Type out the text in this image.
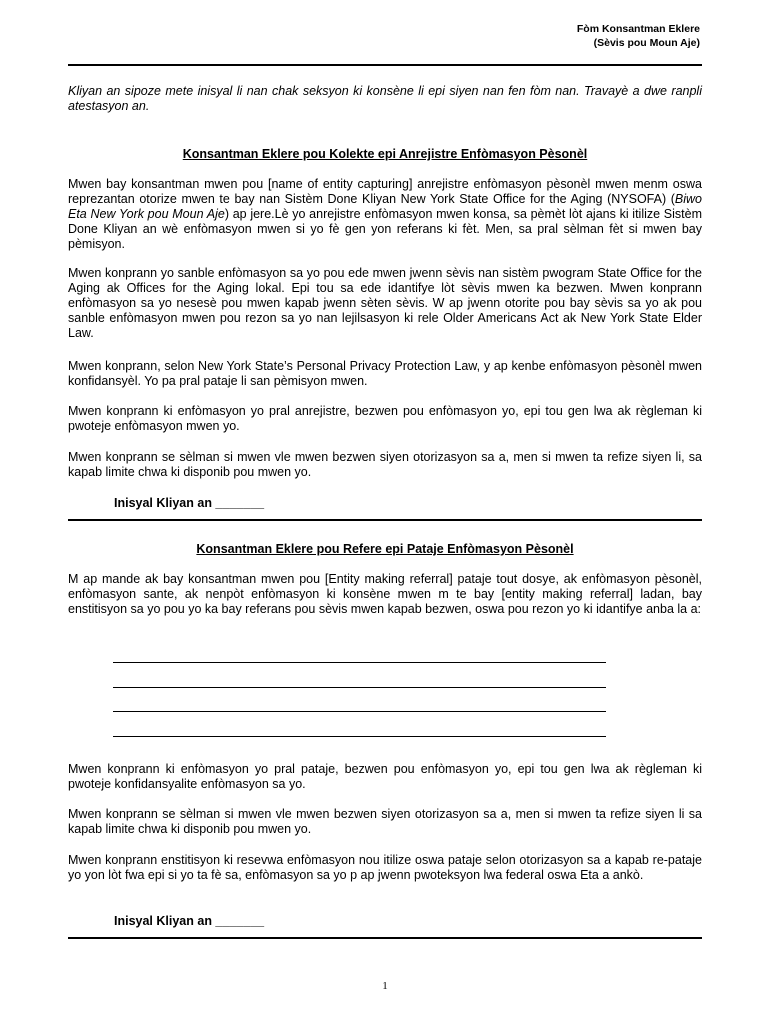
Fòm Konsantman Eklere
(Sèvis pou Moun Aje)
Kliyan an sipoze mete inisyal li nan chak seksyon ki konsène li epi siyen nan fen fòm nan. Travayè a dwe ranpli atestasyon an.
Konsantman Eklere pou Kolekte epi Anrejistre Enfòmasyon Pèsonèl
Mwen bay konsantman mwen pou [name of entity capturing] anrejistre enfòmasyon pèsonèl mwen menm oswa reprezantan otorize mwen te bay nan Sistèm Done Kliyan New York State Office for the Aging (NYSOFA) (Biwo Eta New York pou Moun Aje) ap jere.Lè yo anrejistre enfòmasyon mwen konsa, sa pèmèt lòt ajans ki itilize Sistèm Done Kliyan an wè enfòmasyon mwen si yo fè gen yon referans ki fèt. Men, sa pral sèlman fèt si mwen bay pèmisyon.
Mwen konprann yo sanble enfòmasyon sa yo pou ede mwen jwenn sèvis nan sistèm pwogram State Office for the Aging ak Offices for the Aging lokal. Epi tou sa ede idantifye lòt sèvis mwen ka bezwen. Mwen konprann enfòmasyon sa yo nesesè pou mwen kapab jwenn sèten sèvis. W ap jwenn otorite pou bay sèvis sa yo ak pou sanble enfòmasyon mwen pou rezon sa yo nan lejilsasyon ki rele Older Americans Act ak New York State Elder Law.
Mwen konprann, selon New York State’s Personal Privacy Protection Law, y ap kenbe enfòmasyon pèsonèl mwen konfidansyèl. Yo pa pral pataje li san pèmisyon mwen.
Mwen konprann ki enfòmasyon yo pral anrejistre, bezwen pou enfòmasyon yo, epi tou gen lwa ak règleman ki pwoteje enfòmasyon mwen yo.
Mwen konprann se sèlman si mwen vle mwen bezwen siyen otorizasyon sa a, men si mwen ta refize siyen li, sa kapab limite chwa ki disponib pou mwen yo.
Inisyal Kliyan an _______
Konsantman Eklere pou Refere epi Pataje Enfòmasyon Pèsonèl
M ap mande ak bay konsantman mwen pou [Entity making referral] pataje tout dosye, ak enfòmasyon pèsonèl, enfòmasyon sante, ak nenpòt enfòmasyon ki konsène mwen m te bay [entity making referral] ladan, bay enstitisyon sa yo pou yo ka bay referans pou sèvis mwen kapab bezwen, oswa pou rezon yo ki idantifye anba la a:
Mwen konprann ki enfòmasyon yo pral pataje, bezwen pou enfòmasyon yo, epi tou gen lwa ak règleman ki pwoteje konfidansyalite enfòmasyon sa yo.
Mwen konprann se sèlman si mwen vle mwen bezwen siyen otorizasyon sa a, men si mwen ta refize siyen li sa kapab limite chwa ki disponib pou mwen yo.
Mwen konprann enstitisyon ki resevwa enfòmasyon nou itilize oswa pataje selon otorizasyon sa a kapab re-pataje yo yon lòt fwa epi si yo ta fè sa, enfòmasyon sa yo p ap jwenn pwoteksyon lwa federal oswa Eta a ankò.
Inisyal Kliyan an _______
1
